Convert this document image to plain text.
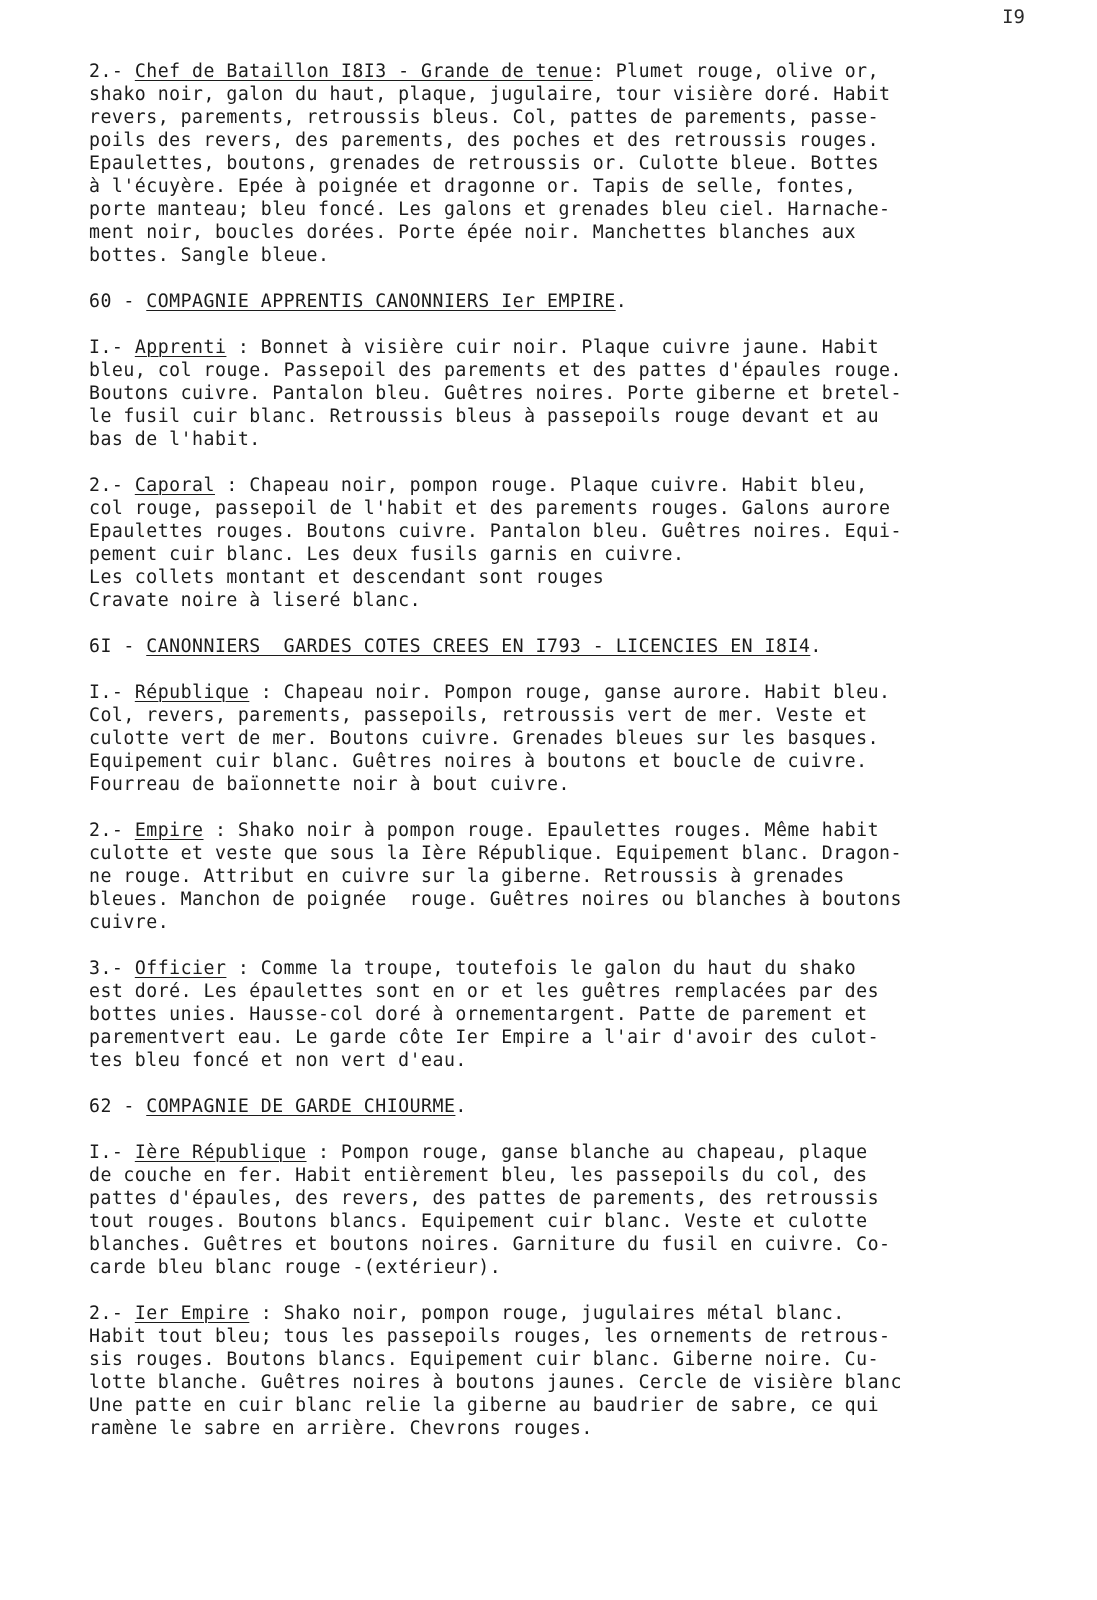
I9
2.- Chef de Bataillon I8I3 - Grande de tenue: Plumet rouge, olive or,
shako noir, galon du haut, plaque, jugulaire, tour visière doré. Habit
revers, parements, retroussis bleus. Col, pattes de parements, passe-
poils des revers, des parements, des poches et des retroussis rouges.
Epaulettes, boutons, grenades de retroussis or. Culotte bleue. Bottes
à l'écuyère. Epée à poignée et dragonne or. Tapis de selle, fontes,
porte manteau; bleu foncé. Les galons et grenades bleu ciel. Harnache-
ment noir, boucles dorées. Porte épée noir. Manchettes blanches aux
bottes. Sangle bleue.
60 - COMPAGNIE APPRENTIS CANONNIERS Ier EMPIRE.
I.- Apprenti : Bonnet à visière cuir noir. Plaque cuivre jaune. Habit
bleu, col rouge. Passepoil des parements et des pattes d'épaules rouge.
Boutons cuivre. Pantalon bleu. Guêtres noires. Porte giberne et bretel-
le fusil cuir blanc. Retroussis bleus à passepoils rouge devant et au
bas de l'habit.
2.- Caporal : Chapeau noir, pompon rouge. Plaque cuivre. Habit bleu,
col rouge, passepoil de l'habit et des parements rouges. Galons aurore
Epaulettes rouges. Boutons cuivre. Pantalon bleu. Guêtres noires. Equi-
pement cuir blanc. Les deux fusils garnis en cuivre.
Les collets montant et descendant sont rouges
Cravate noire à liseré blanc.
6I - CANONNIERS  GARDES COTES CREES EN I793 - LICENCIES EN I8I4.
I.- République : Chapeau noir. Pompon rouge, ganse aurore. Habit bleu.
Col, revers, parements, passepoils, retroussis vert de mer. Veste et
culotte vert de mer. Boutons cuivre. Grenades bleues sur les basques.
Equipement cuir blanc. Guêtres noires à boutons et boucle de cuivre.
Fourreau de baïonnette noir à bout cuivre.
2.- Empire : Shako noir à pompon rouge. Epaulettes rouges. Même habit
culotte et veste que sous la Ière République. Equipement blanc. Dragon-
ne rouge. Attribut en cuivre sur la giberne. Retroussis à grenades
bleues. Manchon de poignée  rouge. Guêtres noires ou blanches à boutons
cuivre.
3.- Officier : Comme la troupe, toutefois le galon du haut du shako
est doré. Les épaulettes sont en or et les guêtres remplacées par des
bottes unies. Hausse-col doré à ornementargent. Patte de parement et
parementvert eau. Le garde côte Ier Empire a l'air d'avoir des culot-
tes bleu foncé et non vert d'eau.
62 - COMPAGNIE DE GARDE CHIOURME.
I.- Ière République : Pompon rouge, ganse blanche au chapeau, plaque
de couche en fer. Habit entièrement bleu, les passepoils du col, des
pattes d'épaules, des revers, des pattes de parements, des retroussis
tout rouges. Boutons blancs. Equipement cuir blanc. Veste et culotte
blanches. Guêtres et boutons noires. Garniture du fusil en cuivre. Co-
carde bleu blanc rouge -(extérieur).
2.- Ier Empire : Shako noir, pompon rouge, jugulaires métal blanc.
Habit tout bleu; tous les passepoils rouges, les ornements de retrous-
sis rouges. Boutons blancs. Equipement cuir blanc. Giberne noire. Cu-
lotte blanche. Guêtres noires à boutons jaunes. Cercle de visière blanc
Une patte en cuir blanc relie la giberne au baudrier de sabre, ce qui
ramène le sabre en arrière. Chevrons rouges.
